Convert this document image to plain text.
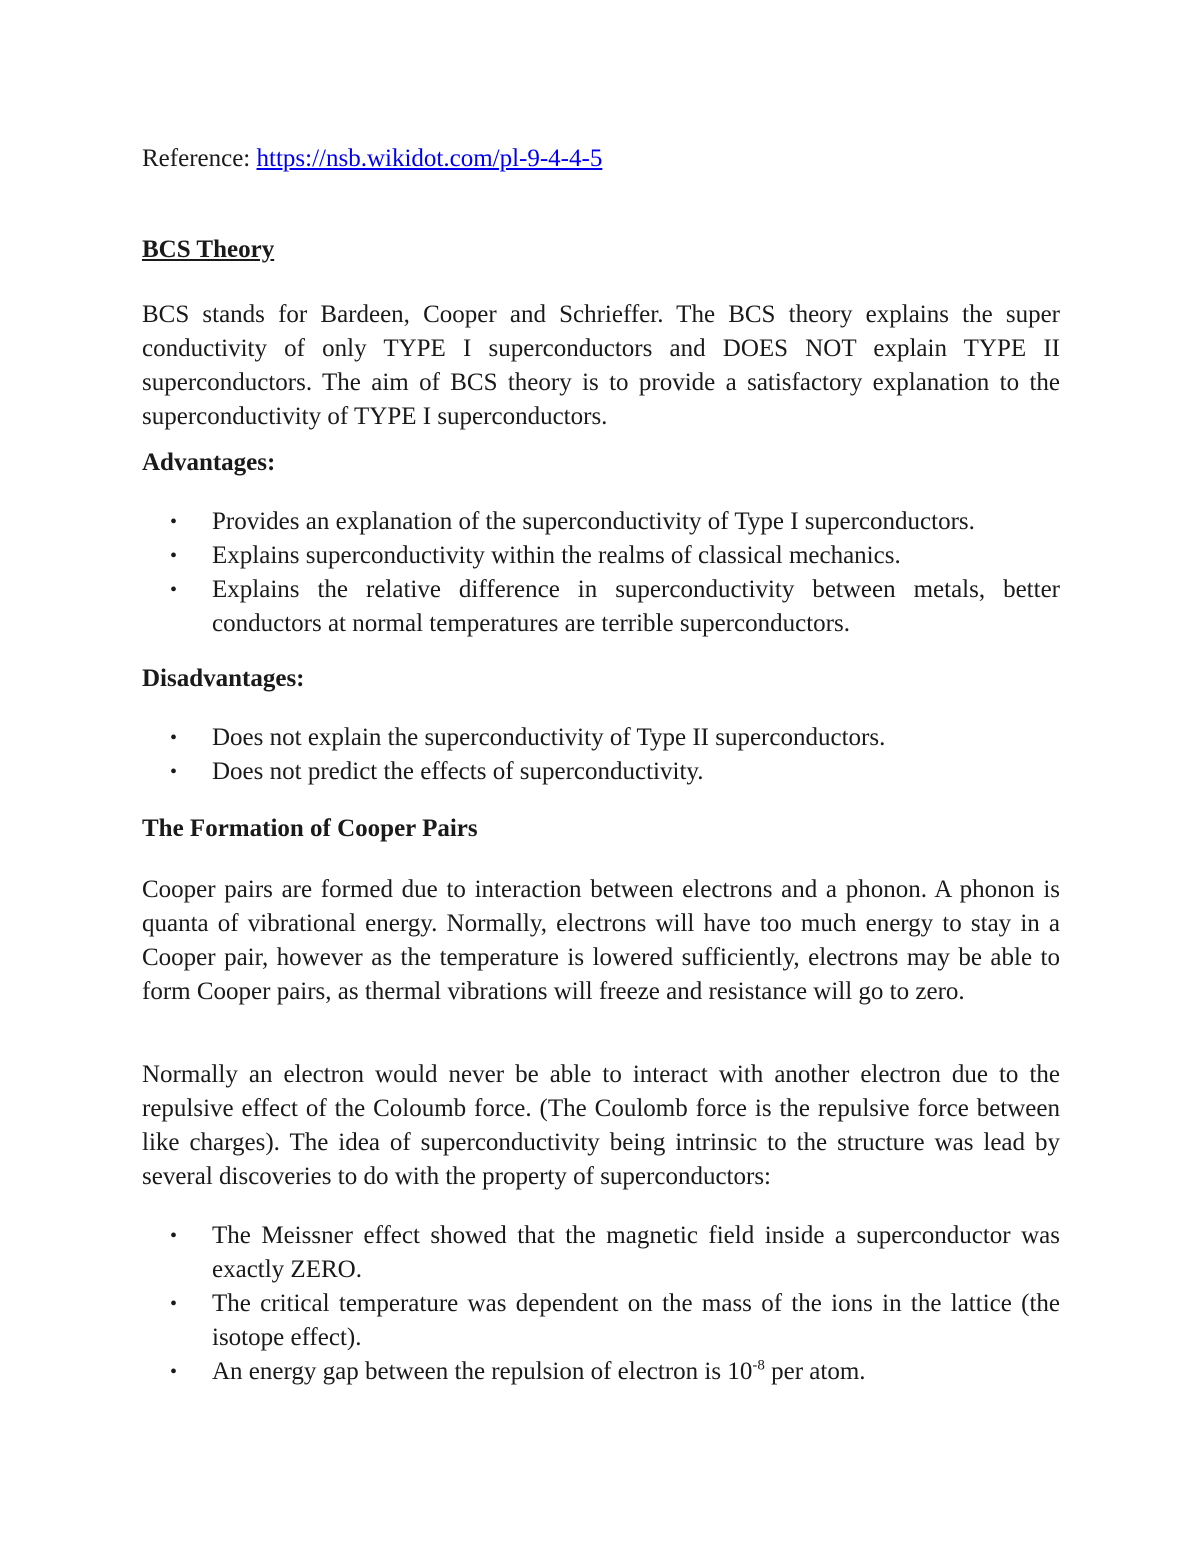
Reference: https://nsb.wikidot.com/pl-9-4-4-5

BCS Theory

BCS stands for Bardeen, Cooper and Schrieffer. The BCS theory explains the super conductivity of only TYPE I superconductors and DOES NOT explain TYPE II superconductors. The aim of BCS theory is to provide a satisfactory explanation to the superconductivity of TYPE I superconductors.

Advantages:
• Provides an explanation of the superconductivity of Type I superconductors.
• Explains superconductivity within the realms of classical mechanics.
• Explains the relative difference in superconductivity between metals, better conductors at normal temperatures are terrible superconductors.
Disadvantages:
• Does not explain the superconductivity of Type II superconductors.
• Does not predict the effects of superconductivity.
The Formation of Cooper Pairs

Cooper pairs are formed due to interaction between electrons and a phonon. A phonon is quanta of vibrational energy. Normally, electrons will have too much energy to stay in a Cooper pair, however as the temperature is lowered sufficiently, electrons may be able to form Cooper pairs, as thermal vibrations will freeze and resistance will go to zero.

Normally an electron would never be able to interact with another electron due to the repulsive effect of the Coloumb force. (The Coulomb force is the repulsive force between like charges). The idea of superconductivity being intrinsic to the structure was lead by several discoveries to do with the property of superconductors:

• The Meissner effect showed that the magnetic field inside a superconductor was exactly ZERO.
• The critical temperature was dependent on the mass of the ions in the lattice (the isotope effect).
• An energy gap between the repulsion of electron is $10^{-8}$ per atom.
